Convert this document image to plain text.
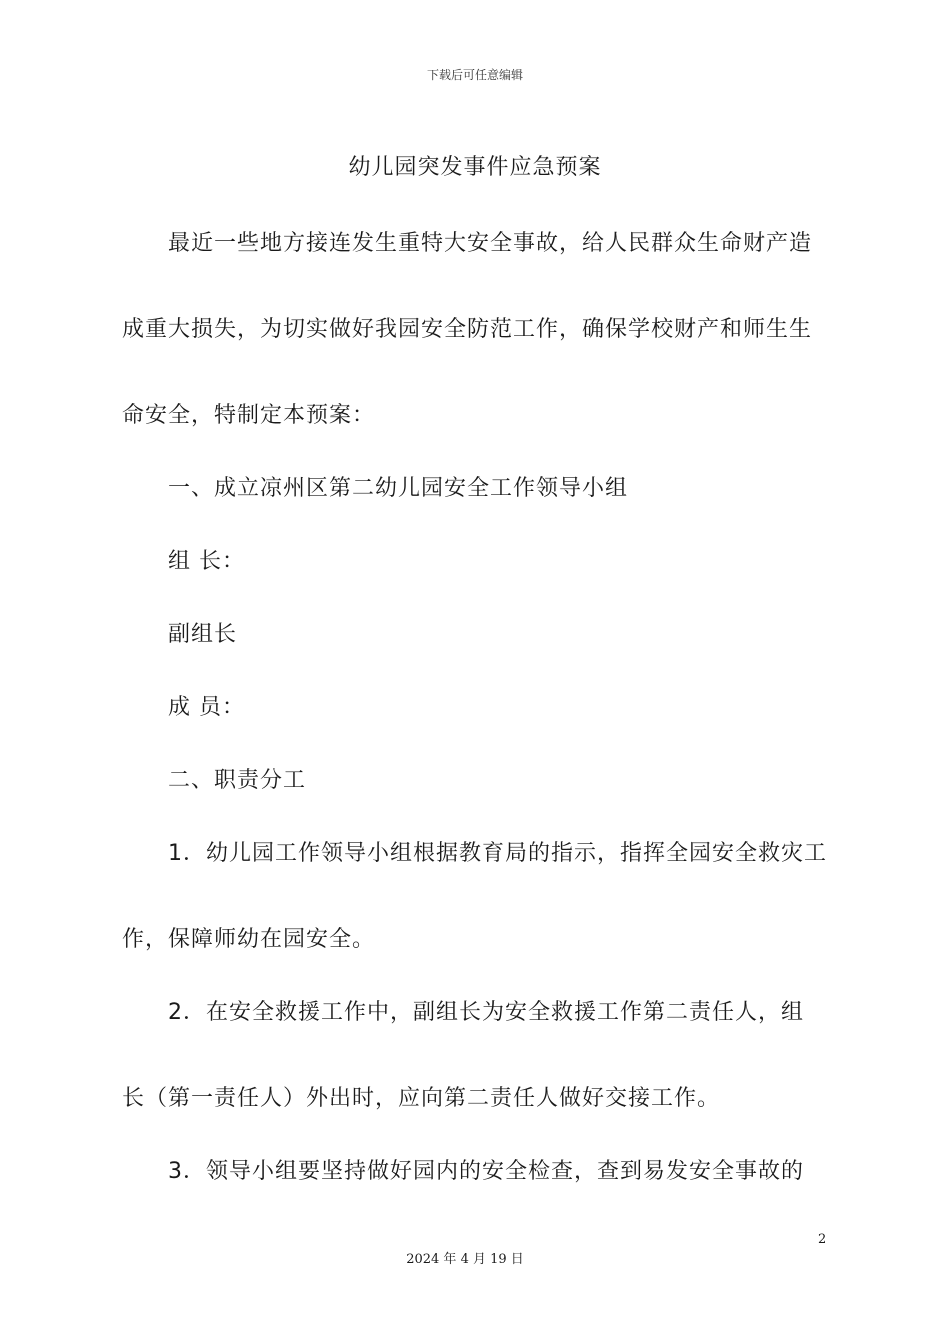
下载后可任意编辑
幼儿园突发事件应急预案
最近一些地方接连发生重特大安全事故，给人民群众生命财产造
成重大损失，为切实做好我园安全防范工作，确保学校财产和师生生
命安全，特制定本预案：
一、成立凉州区第二幼儿园安全工作领导小组
组 长：
副组长
成 员：
二、职责分工
1．幼儿园工作领导小组根据教育局的指示，指挥全园安全救灾工
作，保障师幼在园安全。
2．在安全救援工作中，副组长为安全救援工作第二责任人，组
长（第一责任人）外出时，应向第二责任人做好交接工作。
3．领导小组要坚持做好园内的安全检查，查到易发安全事故的
2
2024 年 4 月 19 日
